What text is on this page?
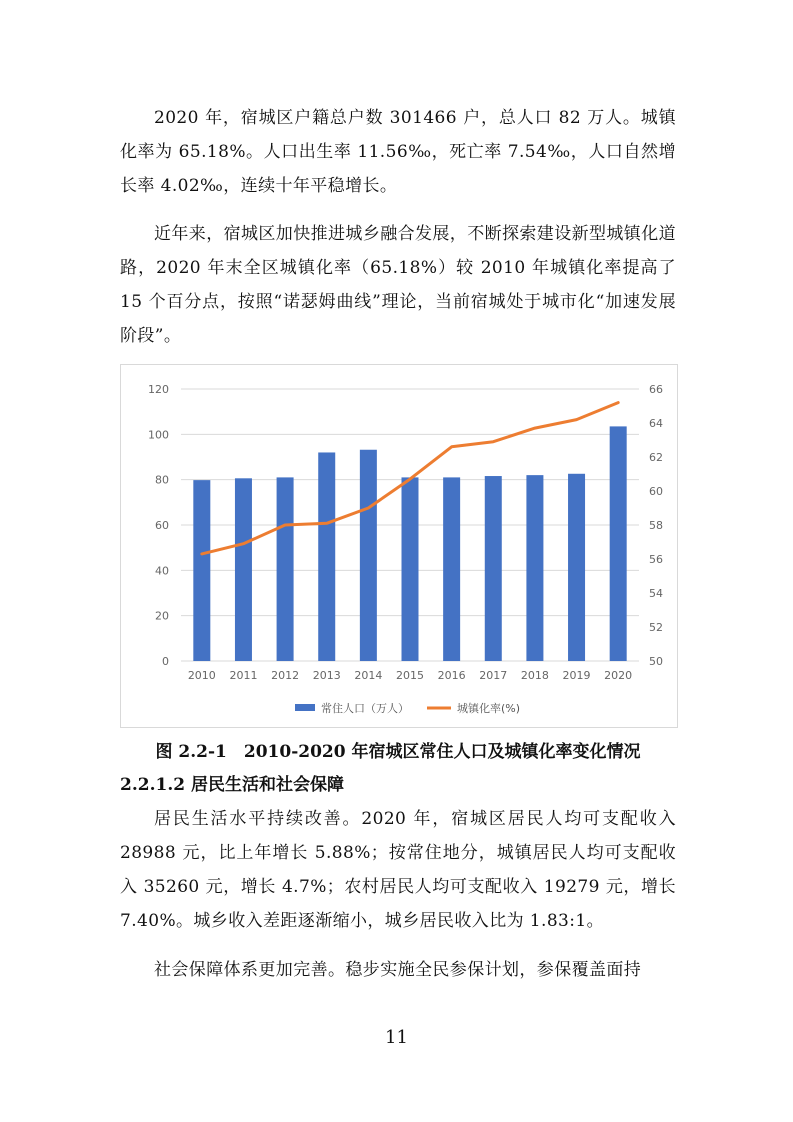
2020 年，宿城区户籍总户数 301466 户，总人口 82 万人。城镇化率为 65.18%。人口出生率 11.56‰，死亡率 7.54‰，人口自然增长率 4.02‰，连续十年平稳增长。

近年来，宿城区加快推进城乡融合发展，不断探索建设新型城镇化道路，2020 年末全区城镇化率（65.18%）较 2010 年城镇化率提高了 15 个百分点，按照“诺瑟姆曲线”理论，当前宿城处于城市化“加速发展阶段”。

0
20
40
60
80
100
120
50
52
54
56
58
60
62
64
66
2010 2011 2012 2013 2014 2015 2016 2017 2018 2019 2020
常住人口（万人）	城镇化率(%)

图 2.2-1　2010-2020 年宿城区常住人口及城镇化率变化情况

2.2.1.2 居民生活和社会保障

居民生活水平持续改善。2020 年，宿城区居民人均可支配收入 28988 元，比上年增长 5.88%；按常住地分，城镇居民人均可支配收入 35260 元，增长 4.7%；农村居民人均可支配收入 19279 元，增长 7.40%。城乡收入差距逐渐缩小，城乡居民收入比为 1.83:1。

社会保障体系更加完善。稳步实施全民参保计划，参保覆盖面持

11
